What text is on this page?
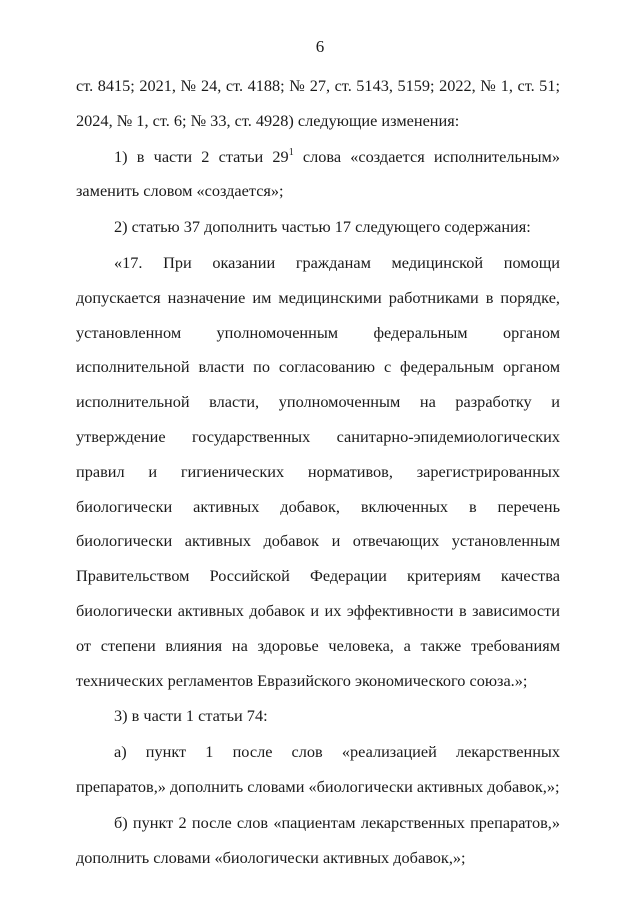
6

ст. 8415; 2021, № 24, ст. 4188; № 27, ст. 5143, 5159; 2022, № 1, ст. 51; 2024, № 1, ст. 6; № 33, ст. 4928) следующие изменения:

1) в части 2 статьи $29^1$ слова «создается исполнительным» заменить словом «создается»;

2) статью 37 дополнить частью 17 следующего содержания:

«17. При оказании гражданам медицинской помощи допускается назначение им медицинскими работниками в порядке, установленном уполномоченным федеральным органом исполнительной власти по согласованию с федеральным органом исполнительной власти, уполномоченным на разработку и утверждение государственных санитарно-эпидемиологических правил и гигиенических нормативов, зарегистрированных биологически активных добавок, включенных в перечень биологически активных добавок и отвечающих установленным Правительством Российской Федерации критериям качества биологически активных добавок и их эффективности в зависимости от степени влияния на здоровье человека, а также требованиям технических регламентов Евразийского экономического союза.»;

3) в части 1 статьи 74:

а) пункт 1 после слов «реализацией лекарственных препаратов,» дополнить словами «биологически активных добавок,»;

б) пункт 2 после слов «пациентам лекарственных препаратов,» дополнить словами «биологически активных добавок,»;
